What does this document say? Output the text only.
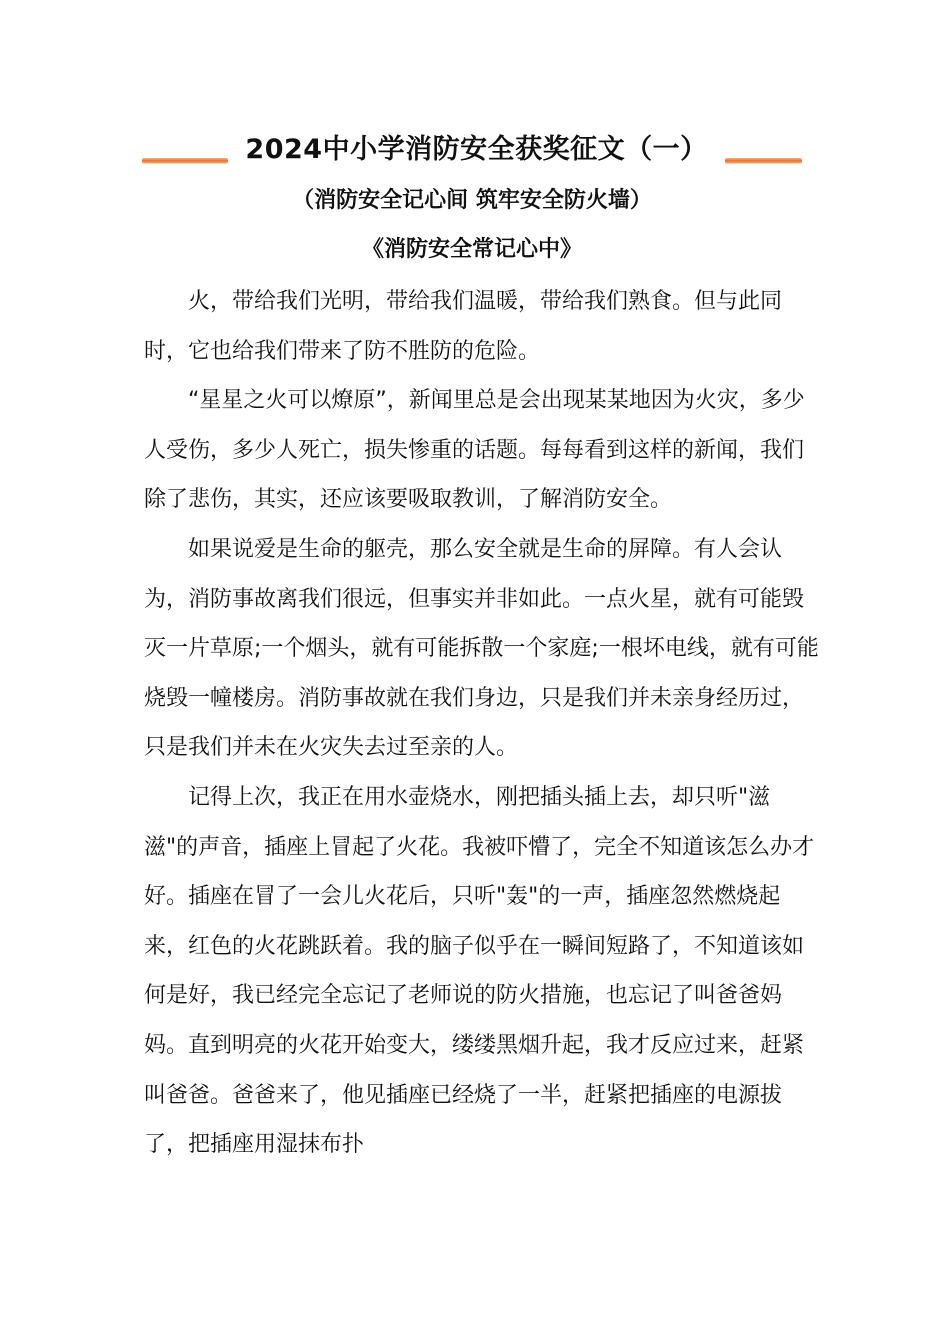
2024中小学消防安全获奖征文（一）
（消防安全记心间 筑牢安全防火墙）
《消防安全常记心中》

火，带给我们光明，带给我们温暖，带给我们熟食。但与此同时，它也给我们带来了防不胜防的危险。

“星星之火可以燎原”，新闻里总是会出现某某地因为火灾，多少人受伤，多少人死亡，损失惨重的话题。每每看到这样的新闻，我们除了悲伤，其实，还应该要吸取教训，了解消防安全。

如果说爱是生命的躯壳，那么安全就是生命的屏障。有人会认为，消防事故离我们很远，但事实并非如此。一点火星，就有可能毁灭一片草原;一个烟头，就有可能拆散一个家庭;一根坏电线，就有可能烧毁一幢楼房。消防事故就在我们身边，只是我们并未亲身经历过，只是我们并未在火灾失去过至亲的人。

记得上次，我正在用水壶烧水，刚把插头插上去，却只听"滋滋"的声音，插座上冒起了火花。我被吓懵了，完全不知道该怎么办才好。插座在冒了一会儿火花后，只听"轰"的一声，插座忽然燃烧起来，红色的火花跳跃着。我的脑子似乎在一瞬间短路了，不知道该如何是好，我已经完全忘记了老师说的防火措施，也忘记了叫爸爸妈妈。直到明亮的火花开始变大，缕缕黑烟升起，我才反应过来，赶紧叫爸爸。爸爸来了，他见插座已经烧了一半，赶紧把插座的电源拔了，把插座用湿抹布扑
